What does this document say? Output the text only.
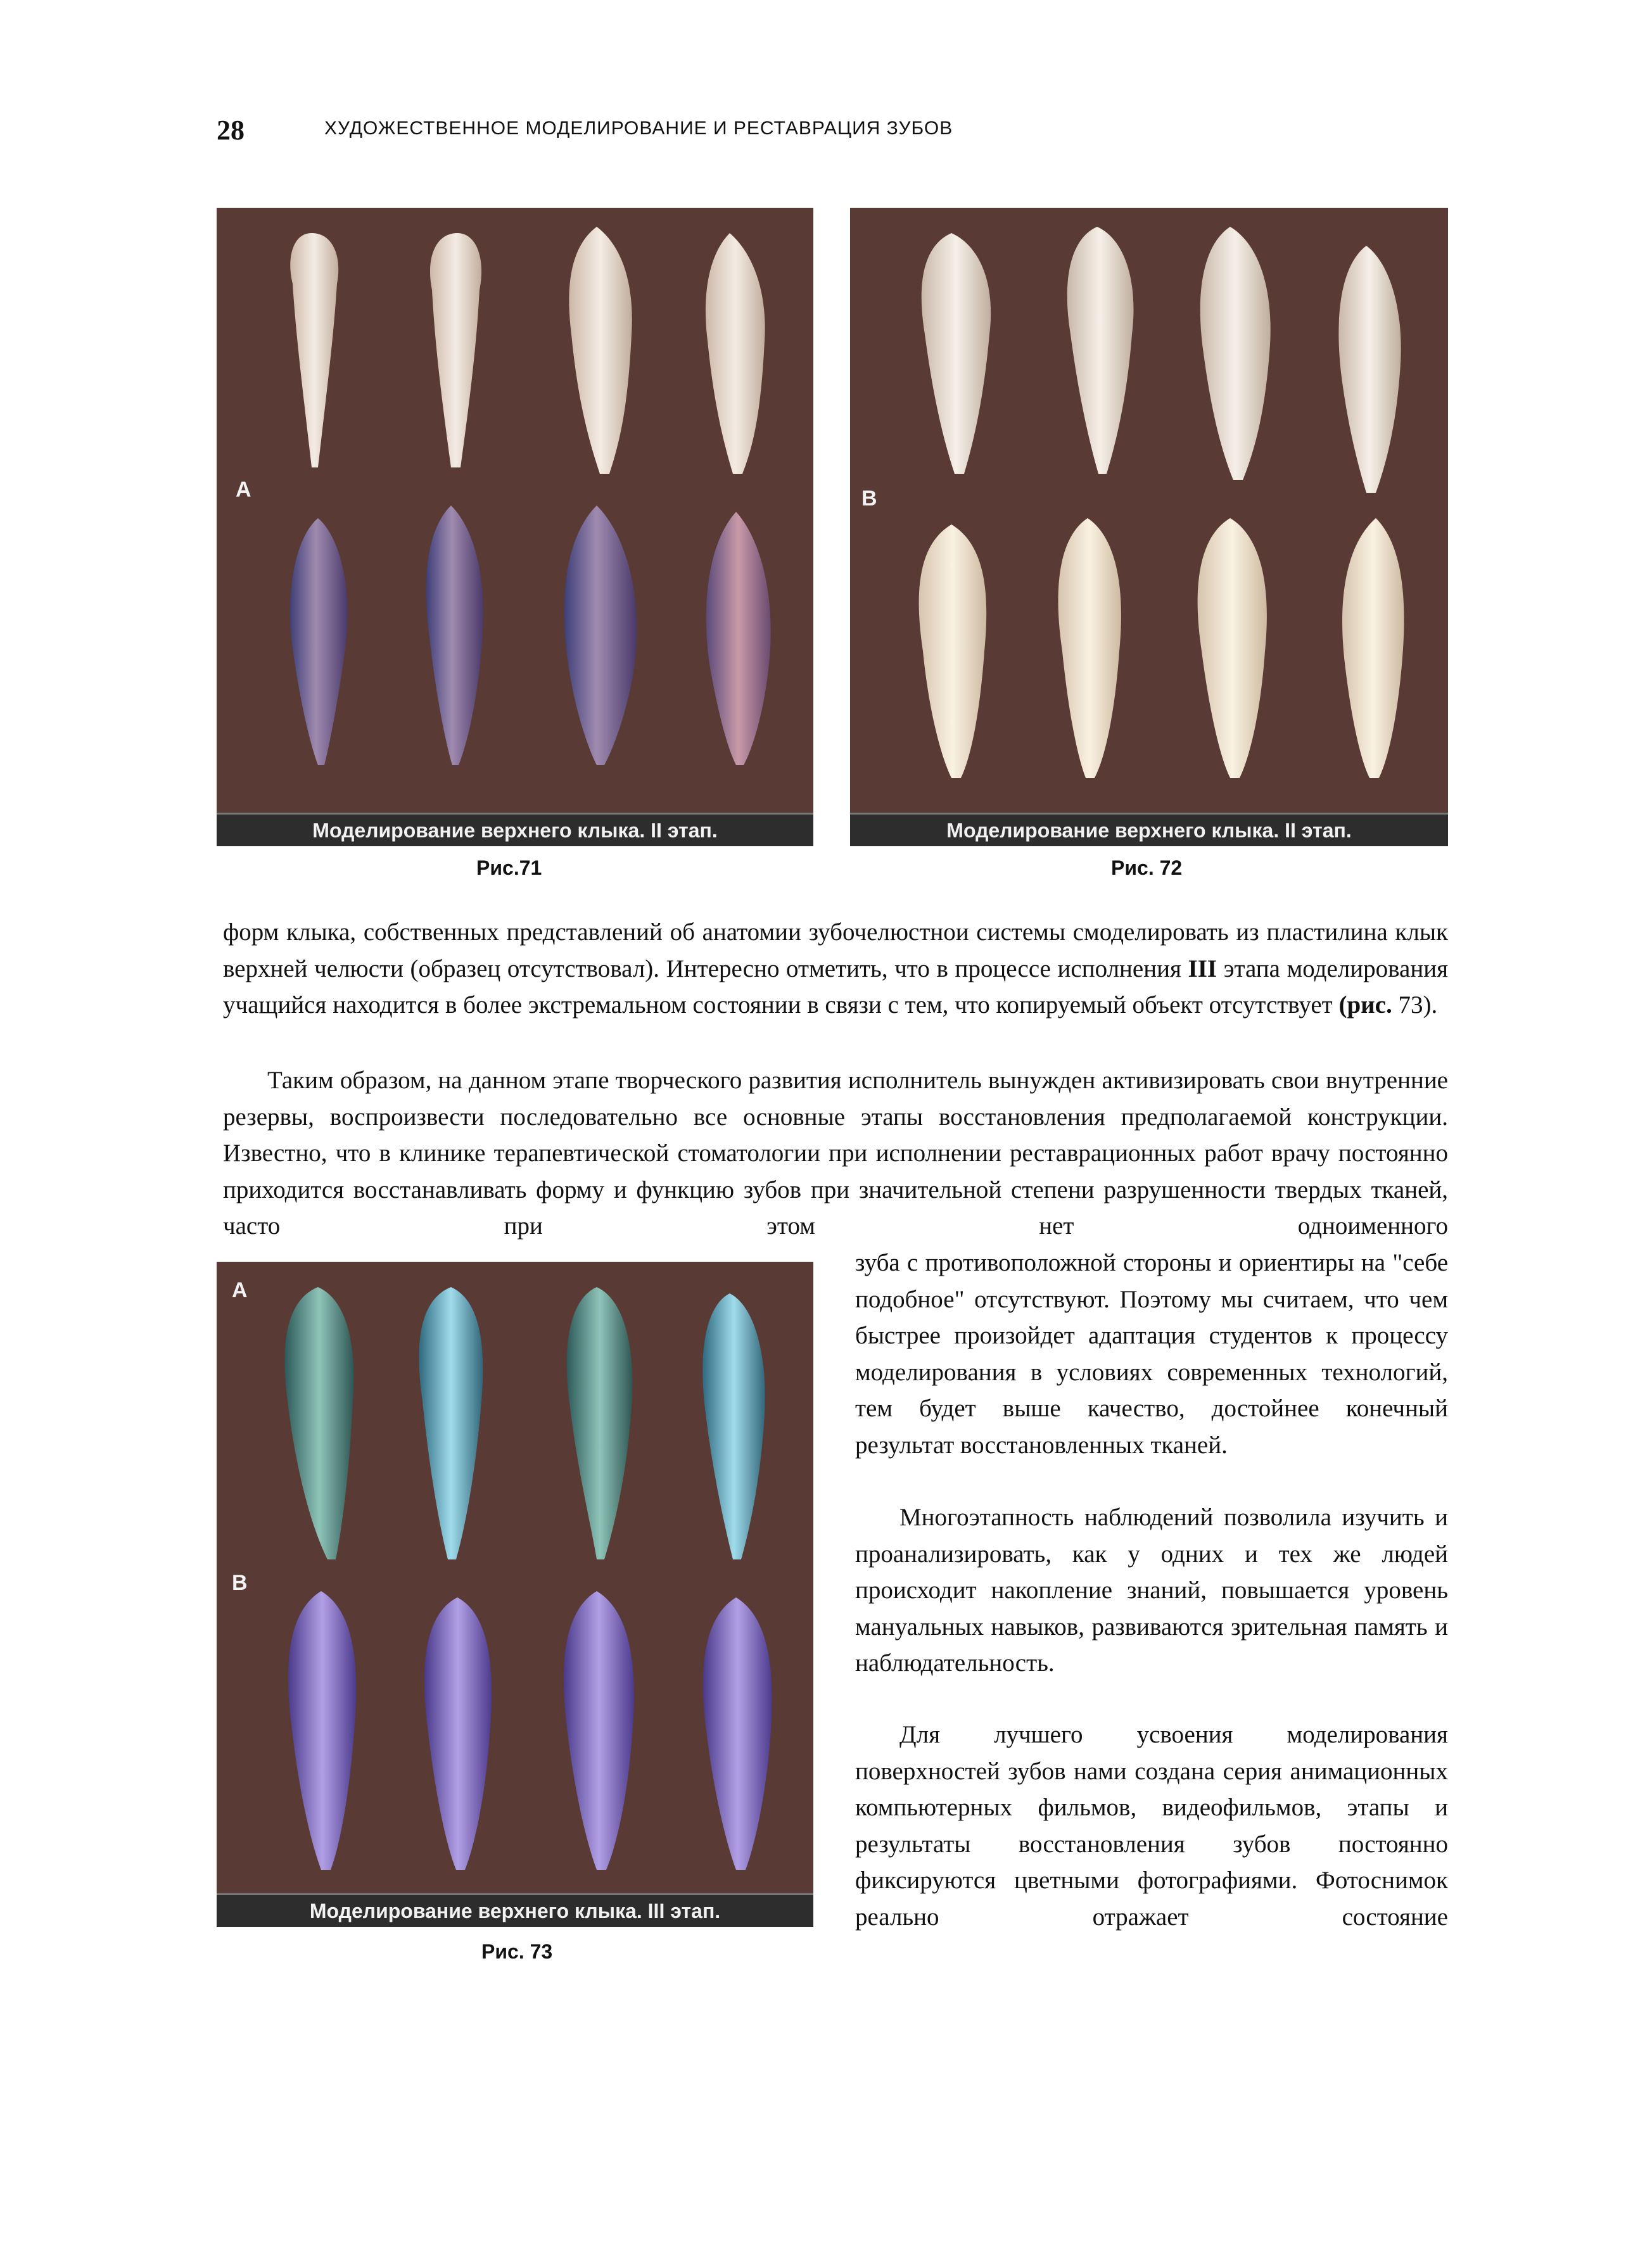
28	ХУДОЖЕСТВЕННОЕ МОДЕЛИРОВАНИЕ И РЕСТАВРАЦИЯ ЗУБОВ
А
Моделирование верхнего клыка. II этап.
Рис.71
В
Моделирование верхнего клыка. II этап.
Рис. 72

форм клыка, собственных представлений об анатомии зубочелюстнои системы смоделировать из пластилина клык верхней челюсти (образец отсутствовал). Интересно отметить, что в процессе исполнения III этапа моделирования учащийся находится в более экстремальном состоянии в связи с тем, что копируемый объект отсутствует (рис. 73).

Таким образом, на данном этапе творческого развития исполнитель вынужден активизировать свои внутренние резервы, воспроизвести последовательно все основные этапы восстановления предполагаемой конструкции. Известно, что в клинике терапевтической стоматологии при исполнении реставрационных работ врачу постоянно приходится восстанавливать форму и функцию зубов при значительной степени разрушенности твердых тканей, часто при этом нет одноименного

А
В
Моделирование верхнего клыка. III этап.
Рис. 73

зуба с противоположной стороны и ориентиры на "себе подобное" отсутствуют. Поэтому мы считаем, что чем быстрее произойдет адаптация студентов к процессу моделирования в условиях современных технологий, тем будет выше качество, достойнее конечный результат восстановленных тканей.

Многоэтапность наблюдений позволила изучить и проанализировать, как у одних и тех же людей происходит накопление знаний, повышается уровень мануальных навыков, развиваются зрительная память и наблюдательность.

Для лучшего усвоения моделирования поверхностей зубов нами создана серия анимационных компьютерных фильмов, видеофильмов, этапы и результаты восстановления зубов постоянно фиксируются цветными фотографиями. Фотоснимок реально отражает состояние
